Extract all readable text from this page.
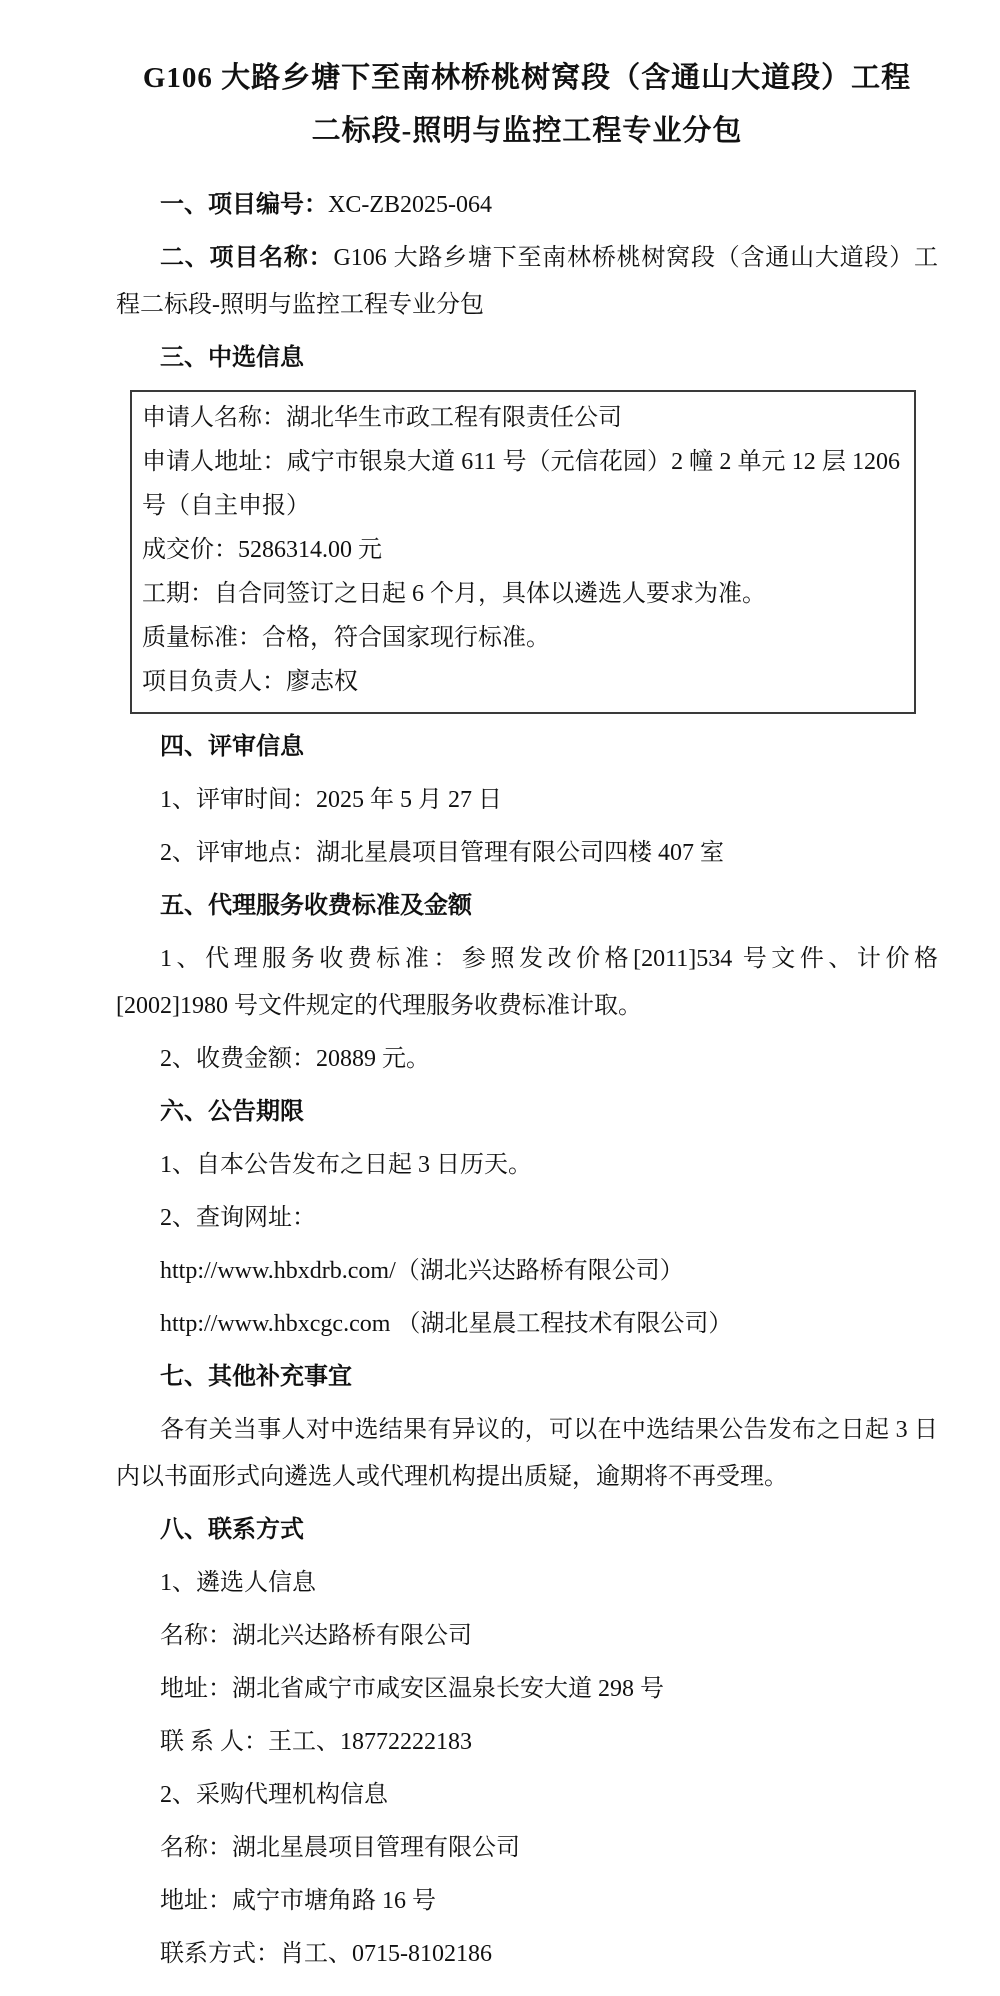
G106 大路乡塘下至南林桥桃树窝段（含通山大道段）工程
二标段-照明与监控工程专业分包

一、项目编号：XC-ZB2025-064

二、项目名称：G106 大路乡塘下至南林桥桃树窝段（含通山大道段）工程二标段-照明与监控工程专业分包

三、中选信息

申请人名称：湖北华生市政工程有限责任公司

申请人地址：咸宁市银泉大道 611 号（元信花园）2 幢 2 单元 12 层 1206 号（自主申报）

成交价：5286314.00 元

工期：自合同签订之日起 6 个月，具体以遴选人要求为准。

质量标准：合格，符合国家现行标准。

项目负责人：廖志权

四、评审信息

1、评审时间：2025 年 5 月 27 日

2、评审地点：湖北星晨项目管理有限公司四楼 407 室

五、代理服务收费标准及金额

1、代理服务收费标准：参照发改价格[2011]534 号文件、计价格[2002]1980 号文件规定的代理服务收费标准计取。

2、收费金额：20889 元。

六、公告期限

1、自本公告发布之日起 3 日历天。

2、查询网址：

http://www.hbxdrb.com/（湖北兴达路桥有限公司）

http://www.hbxcgc.com （湖北星晨工程技术有限公司）

七、其他补充事宜

各有关当事人对中选结果有异议的，可以在中选结果公告发布之日起 3 日内以书面形式向遴选人或代理机构提出质疑，逾期将不再受理。

八、联系方式

1、遴选人信息

名称：湖北兴达路桥有限公司

地址：湖北省咸宁市咸安区温泉长安大道 298 号

联 系 人：王工、18772222183

2、采购代理机构信息

名称：湖北星晨项目管理有限公司

地址：咸宁市塘角路 16 号

联系方式：肖工、0715-8102186
